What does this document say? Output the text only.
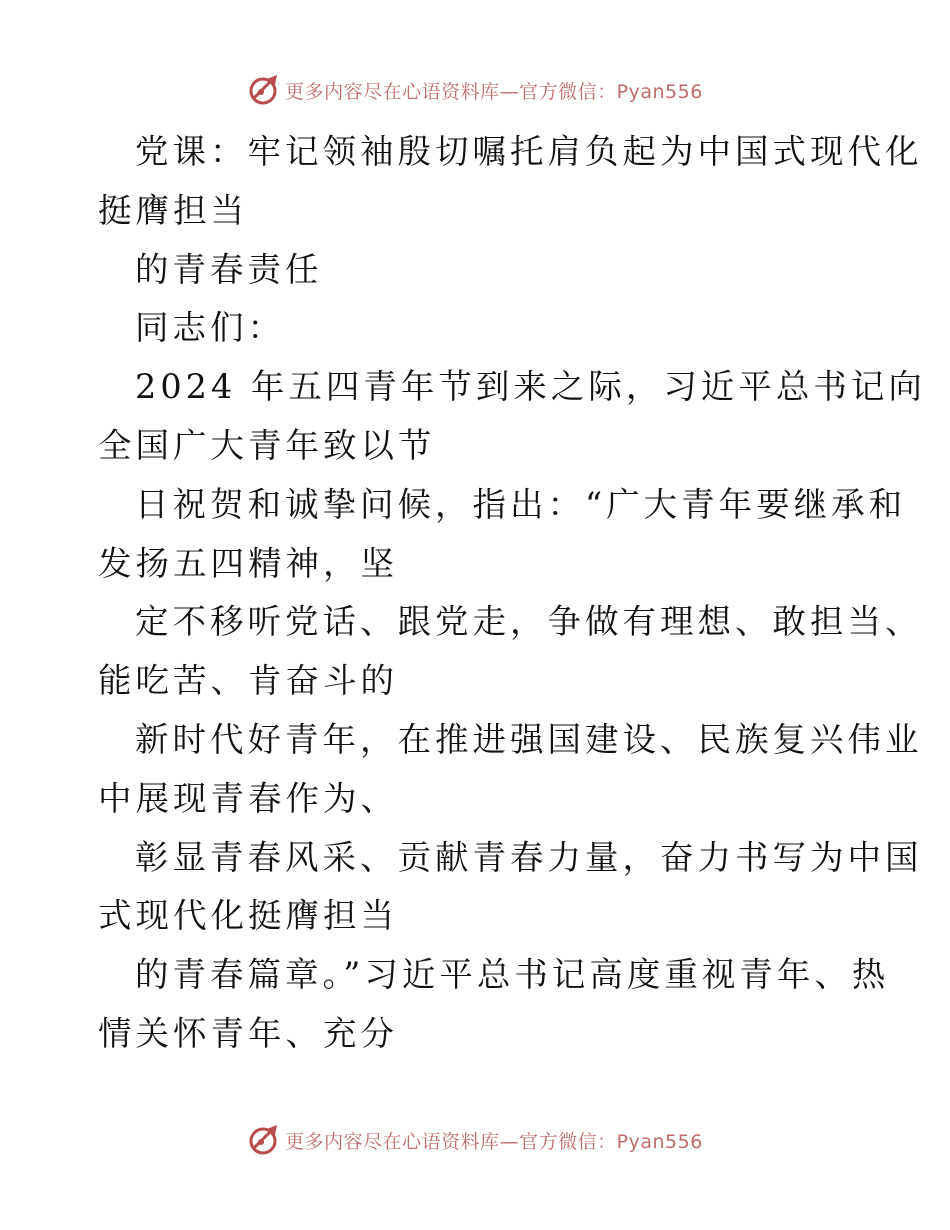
更多内容尽在心语资料库—官方微信：Pyan556
党课：牢记领袖殷切嘱托肩负起为中国式现代化
挺膺担当
的青春责任
同志们：
2024 年五四青年节到来之际，习近平总书记向
全国广大青年致以节
日祝贺和诚挚问候，指出：“广大青年要继承和
发扬五四精神，坚
定不移听党话、跟党走，争做有理想、敢担当、
能吃苦、肯奋斗的
新时代好青年，在推进强国建设、民族复兴伟业
中展现青春作为、
彰显青春风采、贡献青春力量，奋力书写为中国
式现代化挺膺担当
的青春篇章。”习近平总书记高度重视青年、热
情关怀青年、充分
更多内容尽在心语资料库—官方微信：Pyan556
